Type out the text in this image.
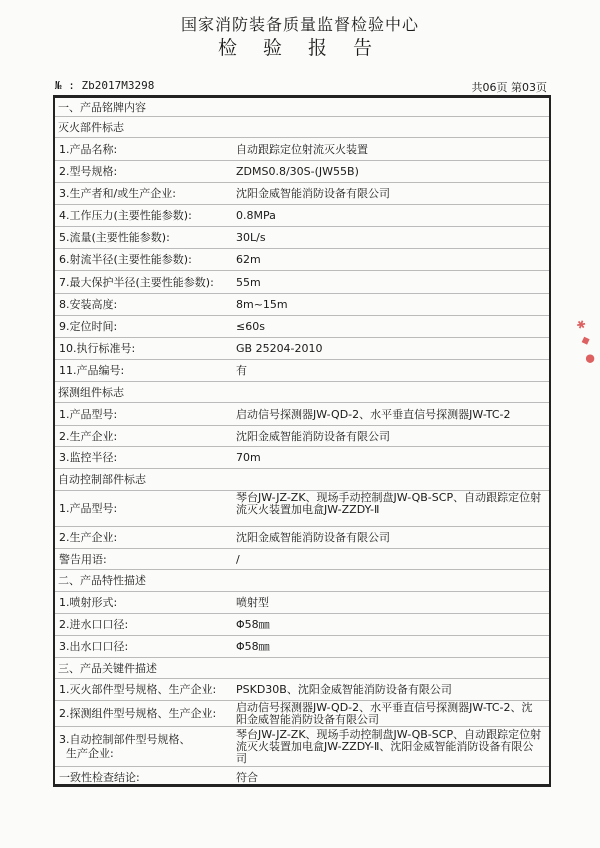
国家消防装备质量监督检验中心
检 验 报 告
№ : Zb2017M3298	共06页 第03页
一、产品铭牌内容
灭火部件标志
1.产品名称:	自动跟踪定位射流灭火装置
2.型号规格:	ZDMS0.8/30S-(JW55B)
3.生产者和/或生产企业:	沈阳金威智能消防设备有限公司
4.工作压力(主要性能参数):	0.8MPa
5.流量(主要性能参数):	30L/s
6.射流半径(主要性能参数):	62m
7.最大保护半径(主要性能参数): 55m
8.安装高度:	8m~15m
9.定位时间:	≤60s
10.执行标准号:	GB 25204-2010
11.产品编号:	有
探测组件标志
1.产品型号:	启动信号探测器JW-QD-2、水平垂直信号探测器JW-TC-2
2.生产企业:	沈阳金威智能消防设备有限公司
3.监控半径:	70m
自动控制部件标志
1.产品型号:
琴台JW-JZ-ZK、现场手动控制盘JW-QB-SCP、自动跟踪定位射流灭火装置加电盒JW-ZZDY-Ⅱ
2.生产企业:	沈阳金威智能消防设备有限公司
警告用语:	/
二、产品特性描述
1.喷射形式:	喷射型
2.进水口口径:	Φ58㎜
3.出水口口径:	Φ58㎜
三、产品关键件描述
1.灭火部件型号规格、生产企业: PSKD30B、沈阳金威智能消防设备有限公司
2.探测组件型号规格、生产企业: 启动信号探测器JW-QD-2、水平垂直信号探测器JW-TC-2、沈阳金威智能消防设备有限公司
3.自动控制部件型号规格、
生产企业:
琴台JW-JZ-ZK、现场手动控制盘JW-QB-SCP、自动跟踪定位射流灭火装置加电盒JW-ZZDY-Ⅱ、沈阳金威智能消防设备有限公司
一致性检查结论:	符合
✱
◆
●
